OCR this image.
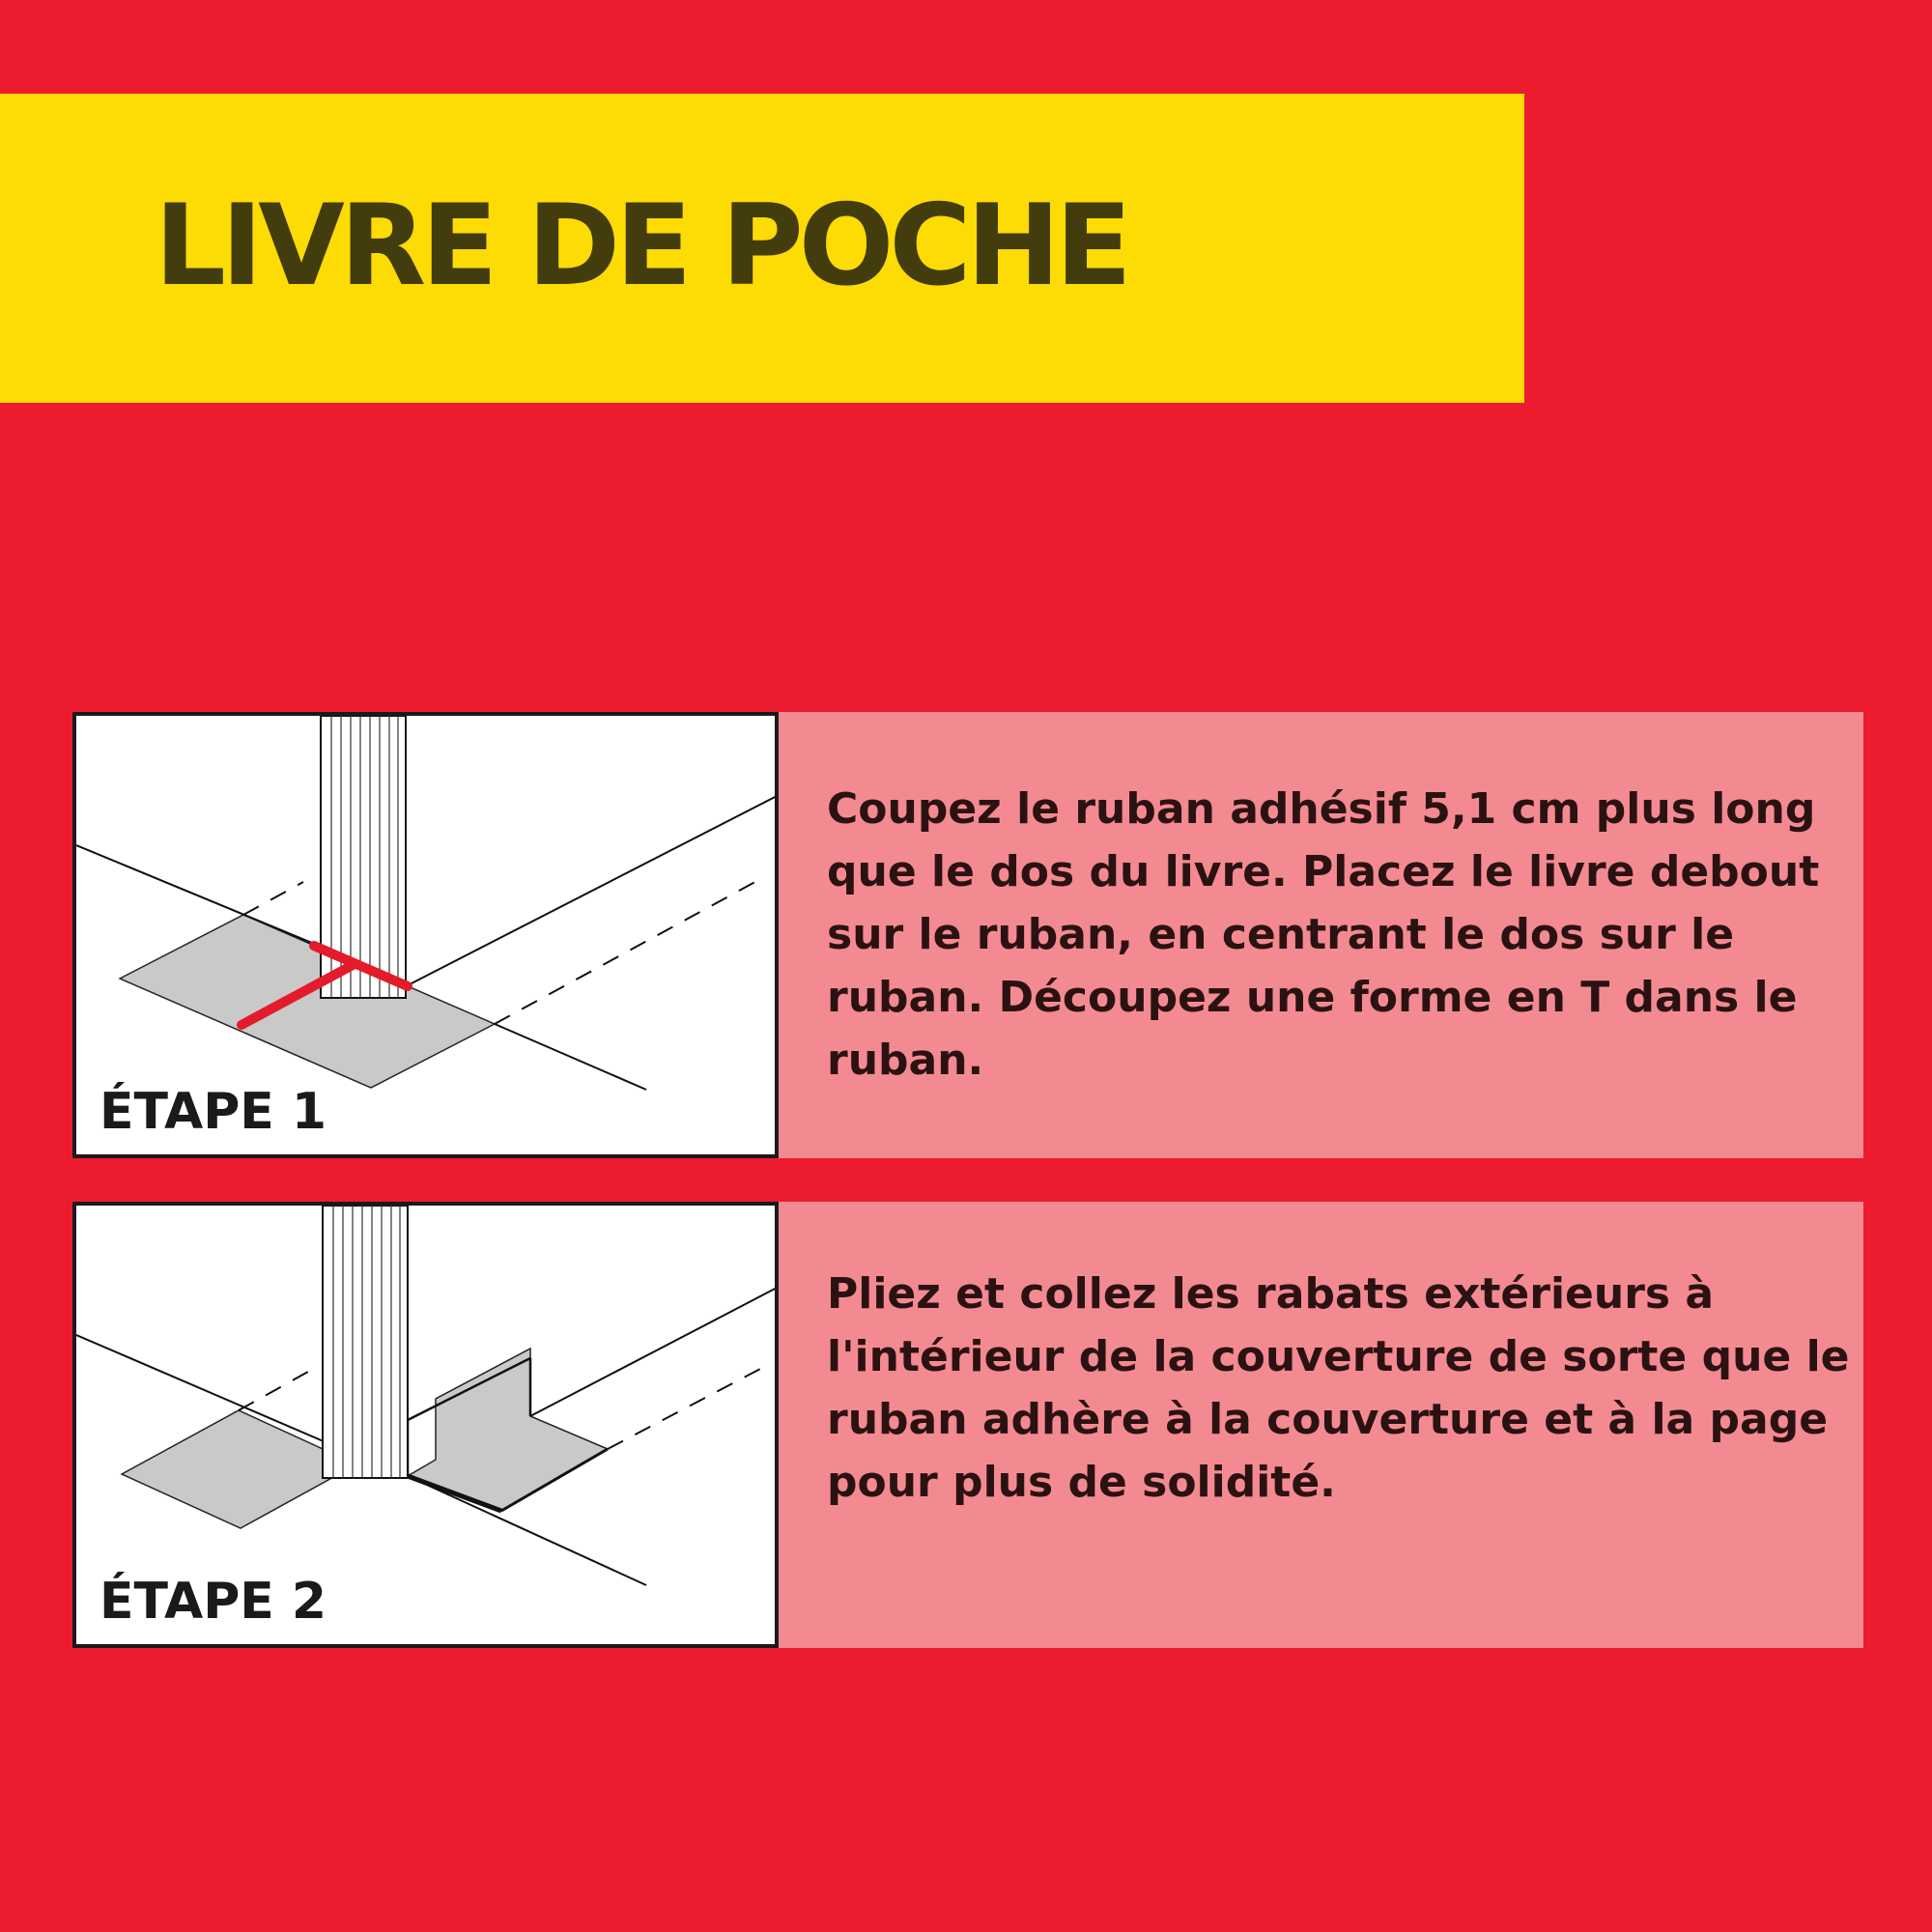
LIVRE DE POCHE
ÉTAPE 1

Coupez le ruban adhésif 5,1 cm plus long que le dos du livre. Placez le livre debout sur le ruban, en centrant le dos sur le ruban. Découpez une forme en T dans le ruban.

ÉTAPE 2

Pliez et collez les rabats extérieurs à l'intérieur de la couverture de sorte que le ruban adhère à la couverture et à la page pour plus de solidité.
